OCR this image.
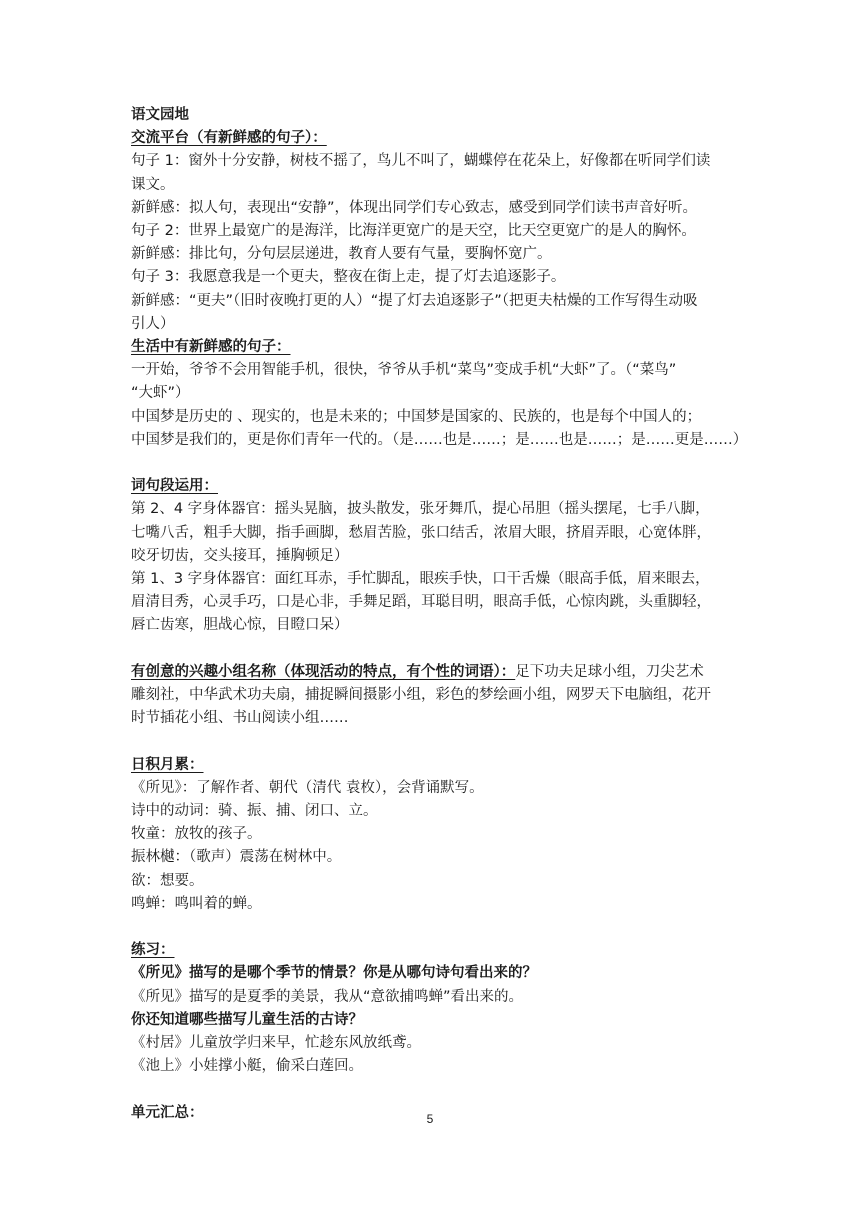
语文园地
交流平台（有新鲜感的句子）：
句子 1：窗外十分安静，树枝不摇了，鸟儿不叫了，蝴蝶停在花朵上，好像都在听同学们读
课文。
新鲜感：拟人句，表现出“安静”，体现出同学们专心致志，感受到同学们读书声音好听。
句子 2：世界上最宽广的是海洋，比海洋更宽广的是天空，比天空更宽广的是人的胸怀。
新鲜感：排比句，分句层层递进，教育人要有气量，要胸怀宽广。
句子 3：我愿意我是一个更夫，整夜在街上走，提了灯去追逐影子。
新鲜感：“更夫”（旧时夜晚打更的人）“提了灯去追逐影子”（把更夫枯燥的工作写得生动吸
引人）
生活中有新鲜感的句子：
一开始，爷爷不会用智能手机，很快，爷爷从手机“菜鸟”变成手机“大虾”了。（“菜鸟”
“大虾”）
中国梦是历史的 、现实的，也是未来的；中国梦是国家的、民族的，也是每个中国人的；
中国梦是我们的，更是你们青年一代的。（是……也是……；是……也是……；是……更是……）
词句段运用：
第 2、4 字身体器官：摇头晃脑，披头散发，张牙舞爪，提心吊胆（摇头摆尾，七手八脚，
七嘴八舌，粗手大脚，指手画脚，愁眉苦脸，张口结舌，浓眉大眼，挤眉弄眼，心宽体胖，
咬牙切齿，交头接耳，捶胸顿足）
第 1、3 字身体器官：面红耳赤，手忙脚乱，眼疾手快，口干舌燥（眼高手低，眉来眼去，
眉清目秀，心灵手巧，口是心非，手舞足蹈，耳聪目明，眼高手低，心惊肉跳，头重脚轻，
唇亡齿寒，胆战心惊，目瞪口呆）
有创意的兴趣小组名称（体现活动的特点，有个性的词语）：足下功夫足球小组，刀尖艺术
雕刻社，中华武术功夫扇，捕捉瞬间摄影小组，彩色的梦绘画小组，网罗天下电脑组，花开
时节插花小组、书山阅读小组……
日积月累：
《所见》：了解作者、朝代（清代 袁枚），会背诵默写。
诗中的动词：骑、振、捕、闭口、立。
牧童：放牧的孩子。
振林樾：（歌声）震荡在树林中。
欲：想要。
鸣蝉：鸣叫着的蝉。
练习：
《所见》描写的是哪个季节的情景？你是从哪句诗句看出来的？
《所见》描写的是夏季的美景，我从“意欲捕鸣蝉”看出来的。
你还知道哪些描写儿童生活的古诗？
《村居》儿童放学归来早，忙趁东风放纸鸢。
《池上》小娃撑小艇，偷采白莲回。
单元汇总：	5
